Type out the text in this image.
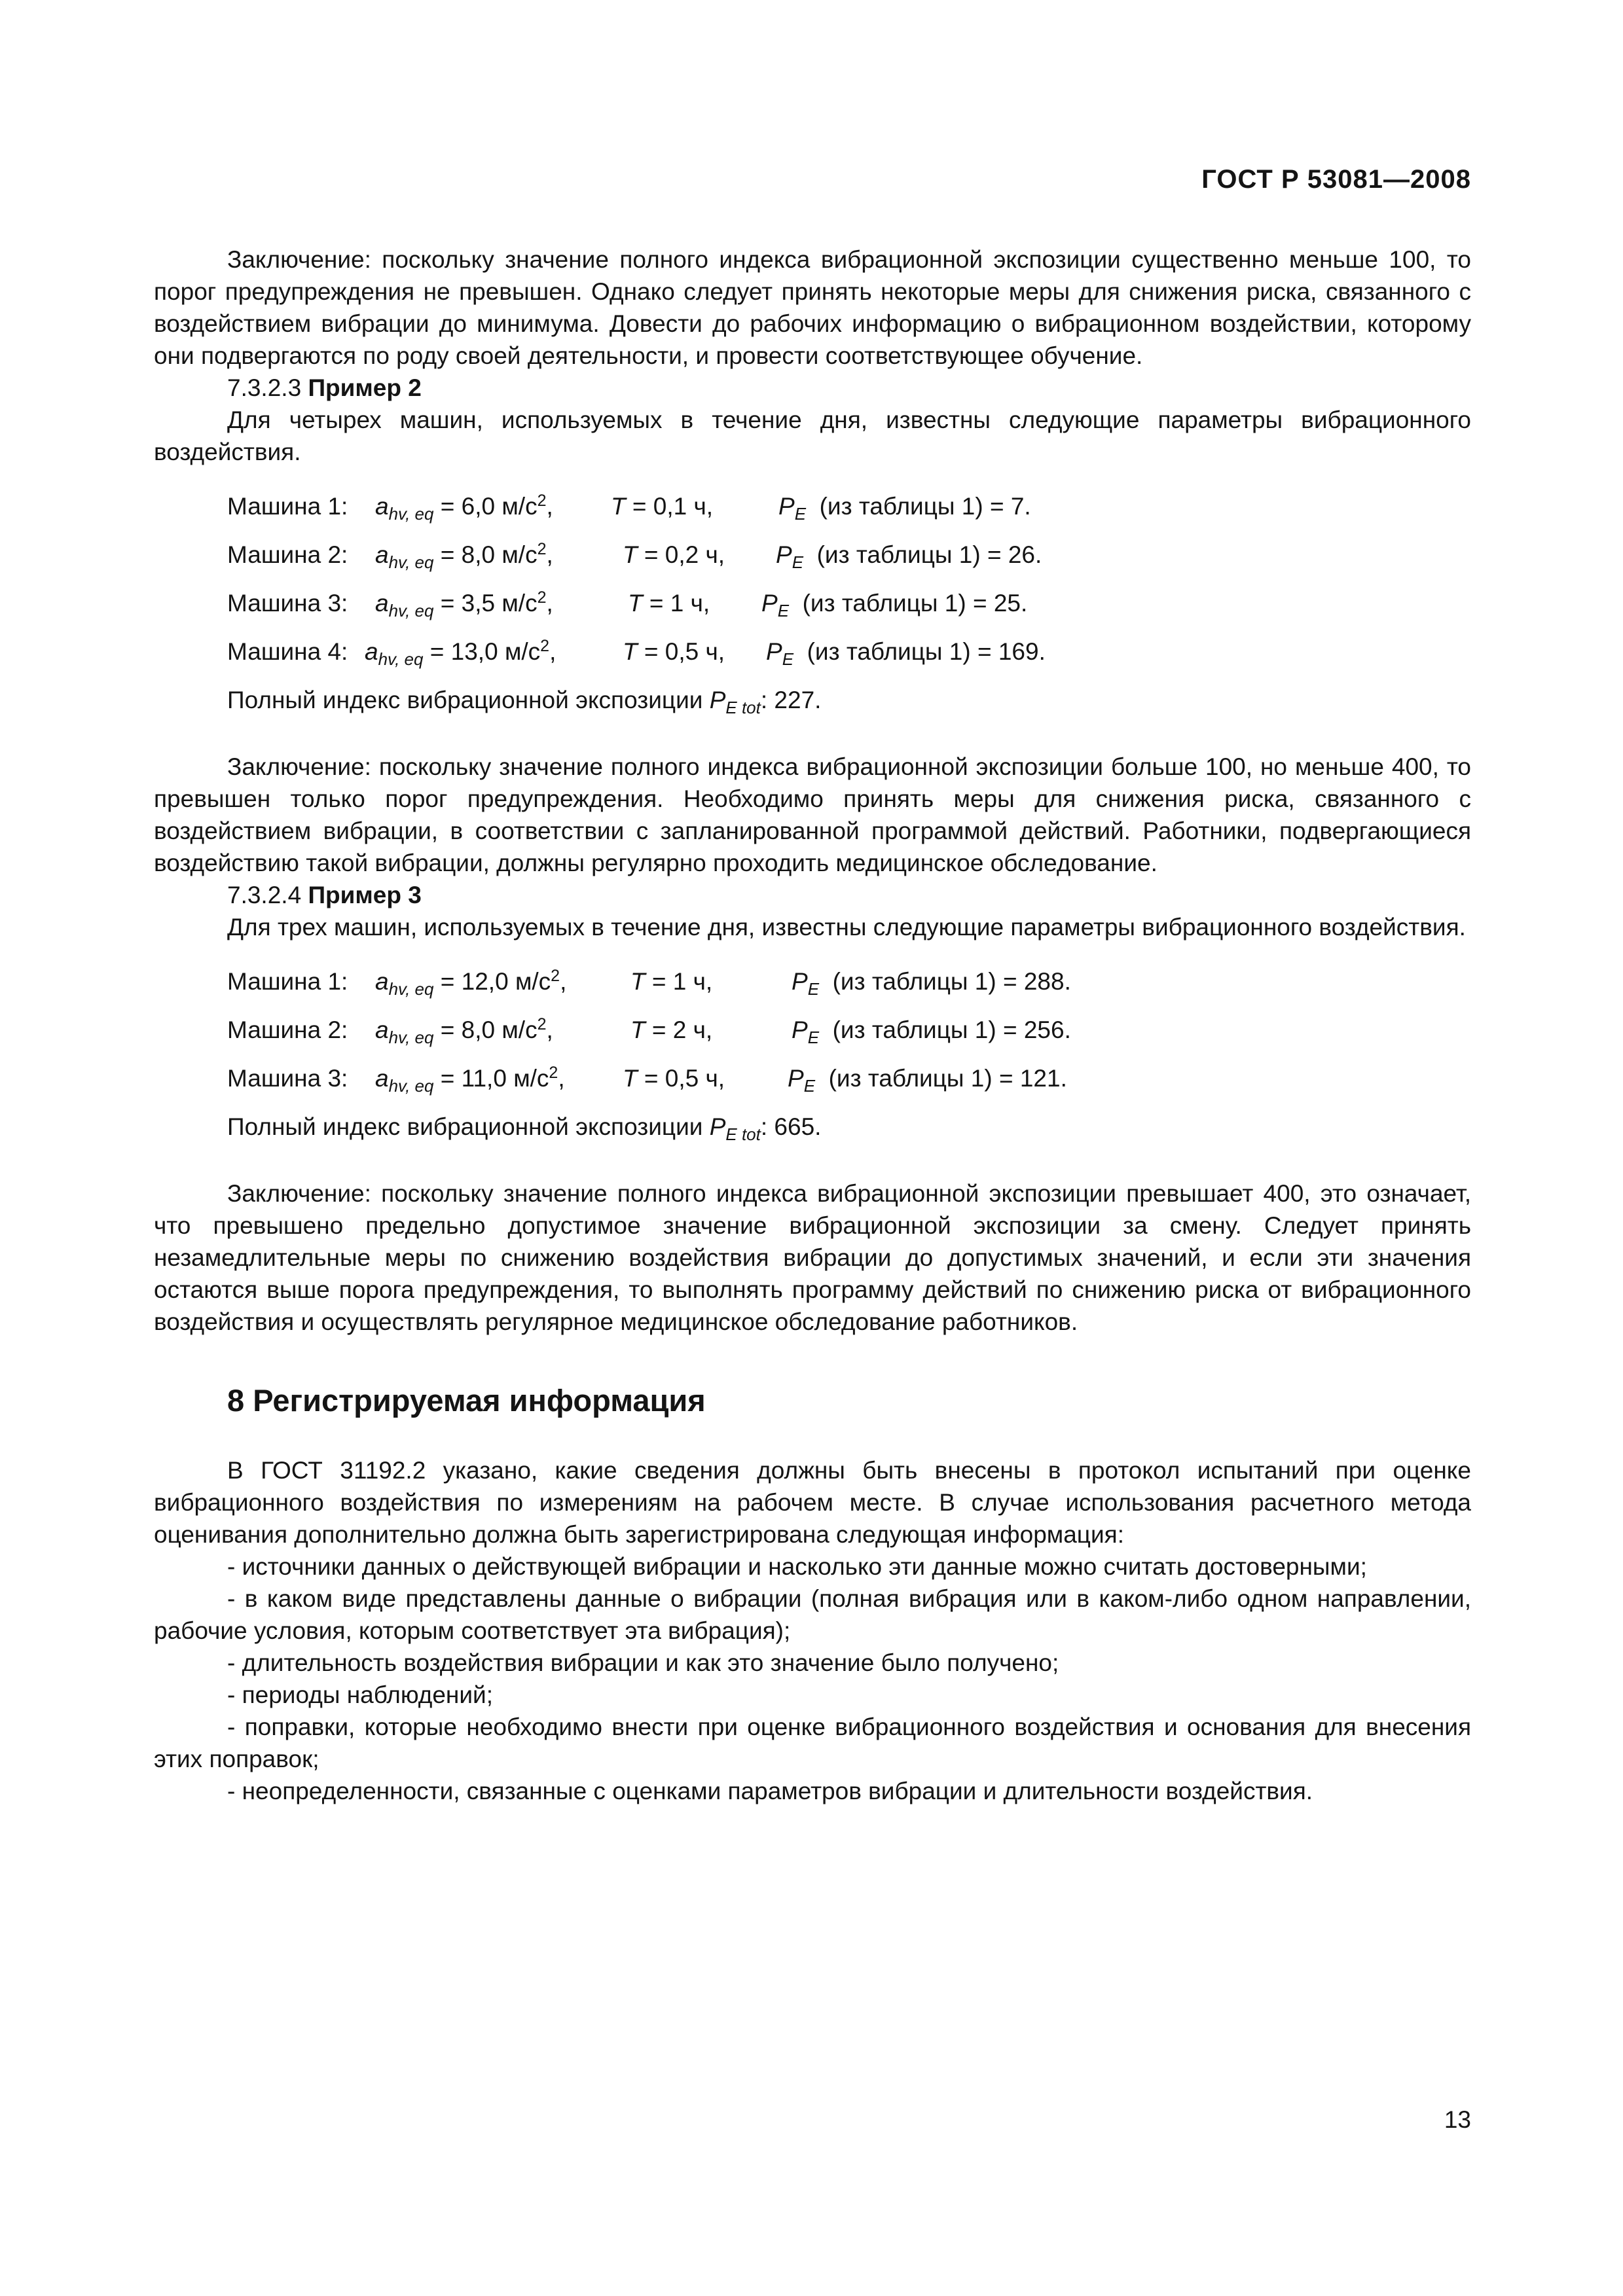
ГОСТ Р 53081—2008

Заключение: поскольку значение полного индекса вибрационной экспозиции существенно меньше 100, то порог предупреждения не превышен. Однако следует принять некоторые меры для снижения риска, связанного с воздействием вибрации до минимума. Довести до рабочих информацию о вибрационном воздействии, которому они подвергаются по роду своей деятельности, и провести соответствующее обучение.

7.3.2.3 Пример 2

Для четырех машин, используемых в течение дня, известны следующие параметры вибрационного воздействия.

Машина 1: $a_{hv, eq} = 6,0$ $м/с^2$, T = 0,1 ч,	$P_E$ (из таблицы 1) = 7.
Машина 2: $a_{hv, eq} = 8,0$ $м/с^2$,	T = 0,2 ч, $P_E$ (из таблицы 1) = 26.
Машина 3: $a_{hv, eq} = 3,5$ $м/с^2$,	T = 1 ч, $P_E$ (из таблицы 1) = 25.
Машина 4: $a_{hv, eq} = 13,0$ $м/с^2$,	T = 0,5 ч, $P_E$ (из таблицы 1) = 169.
Полный индекс вибрационной экспозиции $P_{E tot}$: 227.

Заключение: поскольку значение полного индекса вибрационной экспозиции больше 100, но меньше 400, то превышен только порог предупреждения. Необходимо принять меры для снижения риска, связанного с воздействием вибрации, в соответствии с запланированной программой действий. Работники, подвергающиеся воздействию такой вибрации, должны регулярно проходить медицинское обследование.

7.3.2.4 Пример 3

Для трех машин, используемых в течение дня, известны следующие параметры вибрационного воздействия.

Машина 1: $a_{hv, eq} = 12,0$ $м/с^2$,	T = 1 ч,	$P_E$ (из таблицы 1) = 288.
Машина 2: $a_{hv, eq} = 8,0$ $м/с^2$,	T = 2 ч,	$P_E$ (из таблицы 1) = 256.
Машина 3: $a_{hv, eq} = 11,0$ $м/с^2$, T = 0,5 ч,	$P_E$ (из таблицы 1) = 121.
Полный индекс вибрационной экспозиции $P_{E tot}$: 665.

Заключение: поскольку значение полного индекса вибрационной экспозиции превышает 400, это означает, что превышено предельно допустимое значение вибрационной экспозиции за смену. Следует принять незамедлительные меры по снижению воздействия вибрации до допустимых значений, и если эти значения остаются выше порога предупреждения, то выполнять программу действий по снижению риска от вибрационного воздействия и осуществлять регулярное медицинское обследование работников.

8 Регистрируемая информация

В ГОСТ 31192.2 указано, какие сведения должны быть внесены в протокол испытаний при оценке вибрационного воздействия по измерениям на рабочем месте. В случае использования расчетного метода оценивания дополнительно должна быть зарегистрирована следующая информация:

- источники данных о действующей вибрации и насколько эти данные можно считать достоверными;

- в каком виде представлены данные о вибрации (полная вибрация или в каком-либо одном направлении, рабочие условия, которым соответствует эта вибрация);

- длительность воздействия вибрации и как это значение было получено;

- периоды наблюдений;

- поправки, которые необходимо внести при оценке вибрационного воздействия и основания для внесения этих поправок;

- неопределенности, связанные с оценками параметров вибрации и длительности воздействия.

13
